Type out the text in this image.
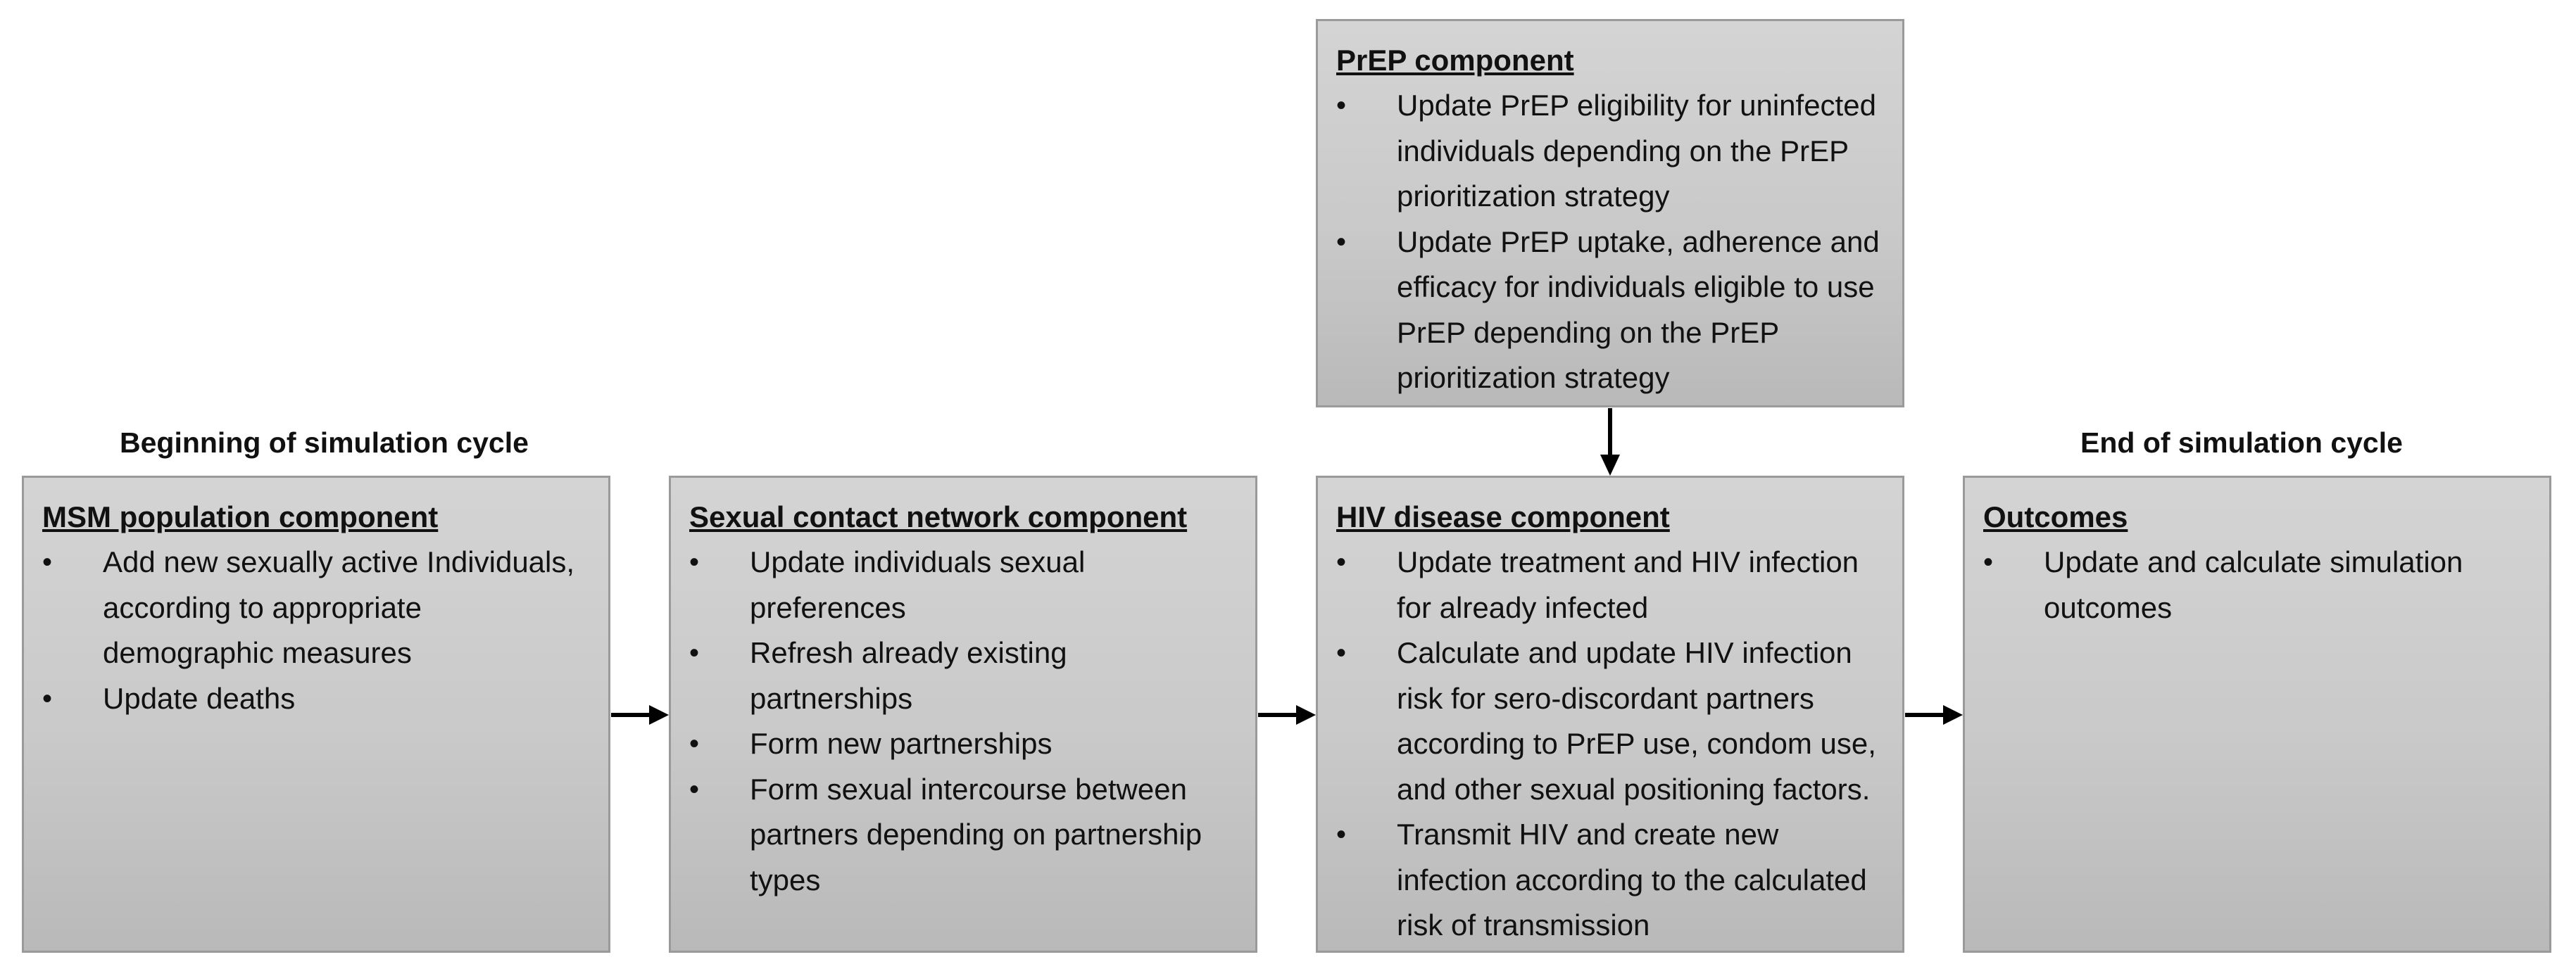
Beginning of simulation cycle	End of simulation cycle
PrEP component
• Update PrEP eligibility for uninfected individuals depending on the PrEP prioritization strategy
• Update PrEP uptake, adherence and efficacy for individuals eligible to use PrEP depending on the PrEP prioritization strategy
MSM population component
• Add new sexually active Individuals, according to appropriate demographic measures
• Update deaths
Sexual contact network component
• Update individuals sexual preferences
• Refresh already existing partnerships
• Form new partnerships
• Form sexual intercourse between partners depending on partnership types
HIV disease component
• Update treatment and HIV infection for already infected
• Calculate and update HIV infection risk for sero-discordant partners according to PrEP use, condom use, and other sexual positioning factors.
• Transmit HIV and create new infection according to the calculated risk of transmission
Outcomes
• Update and calculate simulation outcomes
